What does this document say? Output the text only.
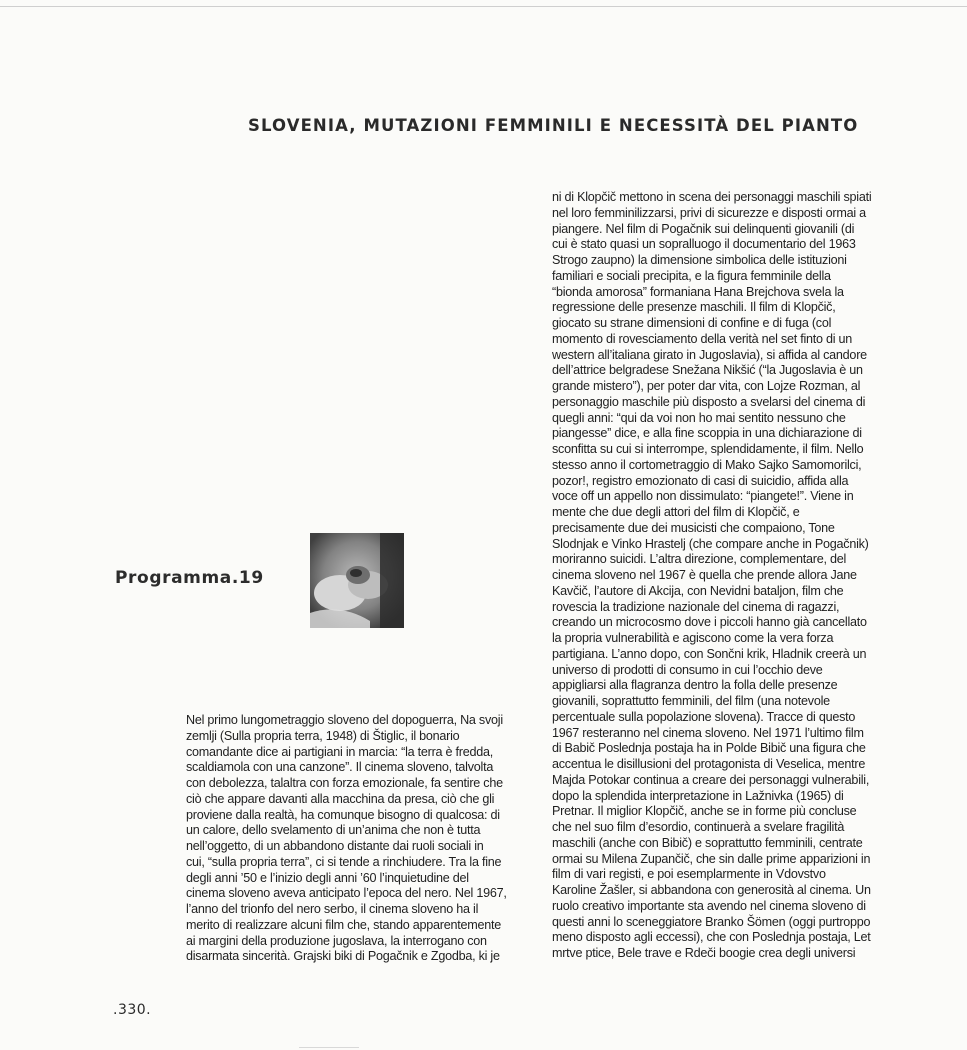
SLOVENIA, MUTAZIONI FEMMINILI E NECESSITÀ DEL PIANTO
Programma.19

Nel primo lungometraggio sloveno del dopoguerra, Na svoji
zemlji (Sulla propria terra, 1948) di Štiglic, il bonario
comandante dice ai partigiani in marcia: “la terra è fredda,
scaldiamola con una canzone”. Il cinema sloveno, talvolta
con debolezza, talaltra con forza emozionale, fa sentire che
ciò che appare davanti alla macchina da presa, ciò che gli
proviene dalla realtà, ha comunque bisogno di qualcosa: di
un calore, dello svelamento di un’anima che non è tutta
nell’oggetto, di un abbandono distante dai ruoli sociali in
cui, “sulla propria terra”, ci si tende a rinchiudere. Tra la fine
degli anni ’50 e l’inizio degli anni ’60 l’inquietudine del
cinema sloveno aveva anticipato l’epoca del nero. Nel 1967,
l’anno del trionfo del nero serbo, il cinema sloveno ha il
merito di realizzare alcuni film che, stando apparentemente
ai margini della produzione jugoslava, la interrogano con
disarmata sincerità. Grajski biki di Pogačnik e Zgodba, ki je

ni di Klopčič mettono in scena dei personaggi maschili spiati
nel loro femminilizzarsi, privi di sicurezze e disposti ormai a
piangere. Nel film di Pogačnik sui delinquenti giovanili (di
cui è stato quasi un sopralluogo il documentario del 1963
Strogo zaupno) la dimensione simbolica delle istituzioni
familiari e sociali precipita, e la figura femminile della
“bionda amorosa” formaniana Hana Brejchova svela la
regressione delle presenze maschili. Il film di Klopčič,
giocato su strane dimensioni di confine e di fuga (col
momento di rovesciamento della verità nel set finto di un
western all’italiana girato in Jugoslavia), si affida al candore
dell’attrice belgradese Snežana Nikšić (“la Jugoslavia è un
grande mistero”), per poter dar vita, con Lojze Rozman, al
personaggio maschile più disposto a svelarsi del cinema di
quegli anni: “qui da voi non ho mai sentito nessuno che
piangesse” dice, e alla fine scoppia in una dichiarazione di
sconfitta su cui si interrompe, splendidamente, il film. Nello
stesso anno il cortometraggio di Mako Sajko Samomorilci,
pozor!, registro emozionato di casi di suicidio, affida alla
voce off un appello non dissimulato: “piangete!”. Viene in
mente che due degli attori del film di Klopčič, e
precisamente due dei musicisti che compaiono, Tone
Slodnjak e Vinko Hrastelj (che compare anche in Pogačnik)
moriranno suicidi. L’altra direzione, complementare, del
cinema sloveno nel 1967 è quella che prende allora Jane
Kavčič, l’autore di Akcija, con Nevidni bataljon, film che
rovescia la tradizione nazionale del cinema di ragazzi,
creando un microcosmo dove i piccoli hanno già cancellato
la propria vulnerabilità e agiscono come la vera forza
partigiana. L’anno dopo, con Sončni krik, Hladnik creerà un
universo di prodotti di consumo in cui l’occhio deve
appigliarsi alla flagranza dentro la folla delle presenze
giovanili, soprattutto femminili, del film (una notevole
percentuale sulla popolazione slovena). Tracce di questo
1967 resteranno nel cinema sloveno. Nel 1971 l’ultimo film
di Babič Poslednja postaja ha in Polde Bibič una figura che
accentua le disillusioni del protagonista di Veselica, mentre
Majda Potokar continua a creare dei personaggi vulnerabili,
dopo la splendida interpretazione in Lažnivka (1965) di
Pretnar. Il miglior Klopčič, anche se in forme più concluse
che nel suo film d’esordio, continuerà a svelare fragilità
maschili (anche con Bibič) e soprattutto femminili, centrate
ormai su Milena Zupančič, che sin dalle prime apparizioni in
film di vari registi, e poi esemplarmente in Vdovstvo
Karoline Žašler, si abbandona con generosità al cinema. Un
ruolo creativo importante sta avendo nel cinema sloveno di
questi anni lo sceneggiatore Branko Šömen (oggi purtroppo
meno disposto agli eccessi), che con Poslednja postaja, Let
mrtve ptice, Bele trave e Rdeči boogie crea degli universi

.330.
